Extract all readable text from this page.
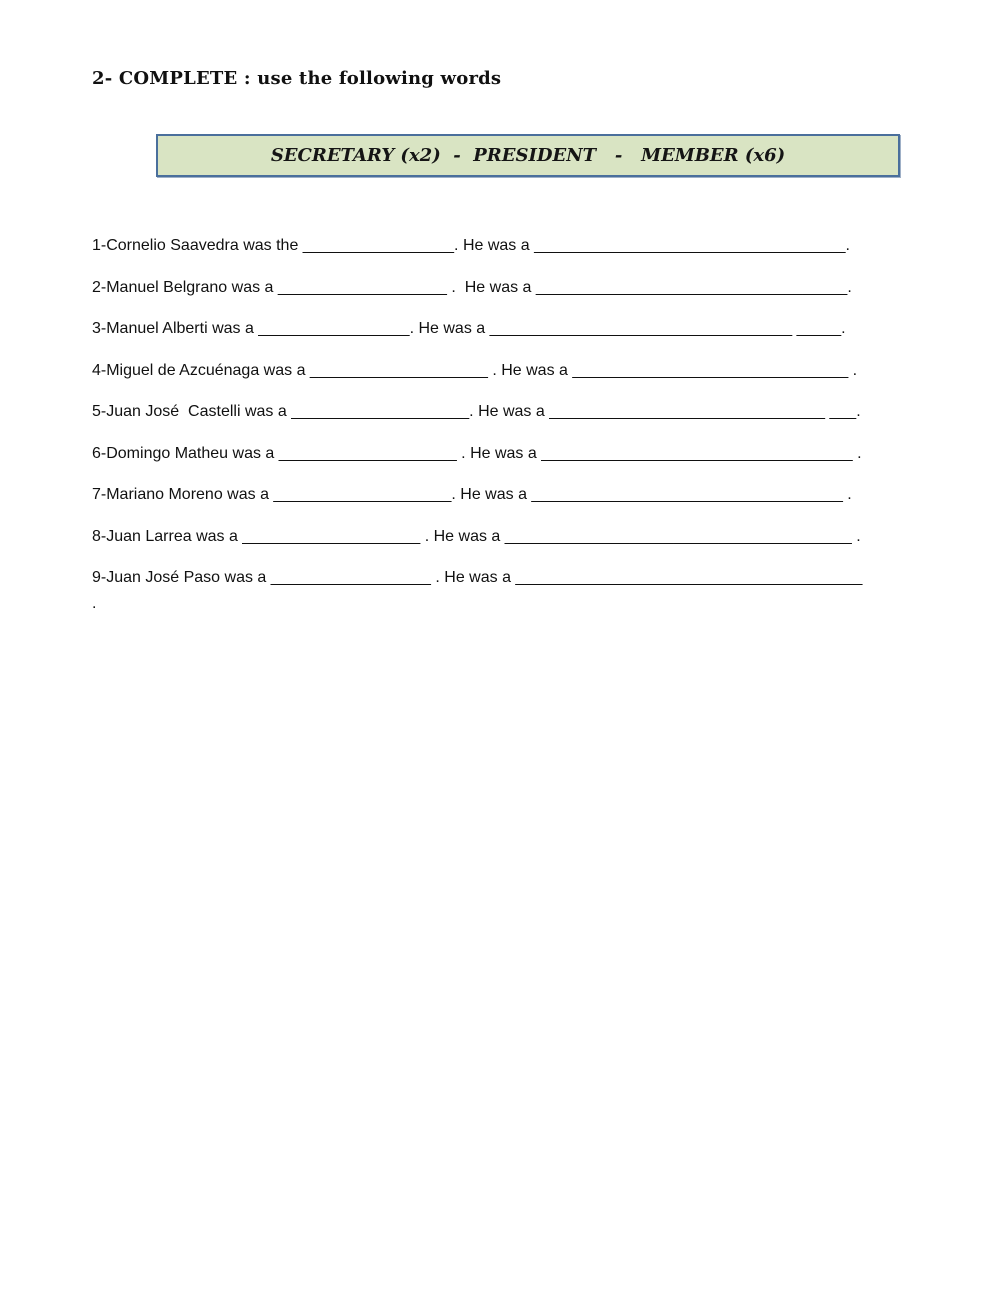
2- COMPLETE : use the following words
SECRETARY (x2)  -  PRESIDENT   -   MEMBER (x6)
1-Cornelio Saavedra was the _________________. He was a ___________________________________.
2-Manuel Belgrano was a ___________________ .  He was a ___________________________________.
3-Manuel Alberti was a _________________. He was a __________________________________ _____.
4-Miguel de Azcuénaga was a ____________________ . He was a _______________________________ .
5-Juan José  Castelli was a ____________________. He was a _______________________________ ___.
6-Domingo Matheu was a ____________________ . He was a ___________________________________ .
7-Mariano Moreno was a ____________________. He was a ___________________________________ .
8-Juan Larrea was a ____________________ . He was a _______________________________________ .
9-Juan José Paso was a __________________ . He was a _______________________________________
.
